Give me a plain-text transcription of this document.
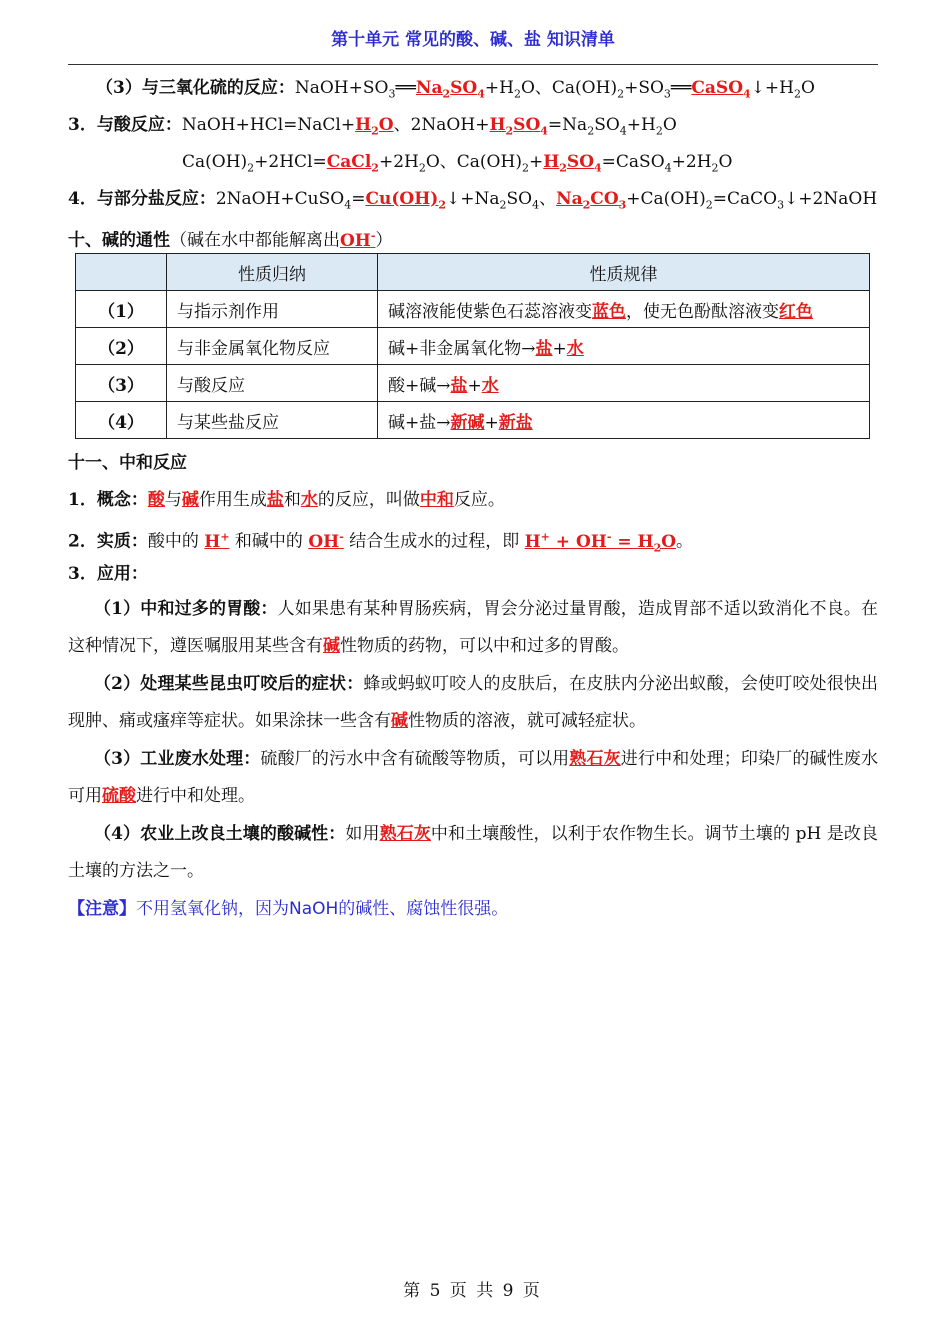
第十单元 常见的酸、碱、盐 知识清单
（3）与三氧化硫的反应：$NaOH+SO_3══Na_2SO_4+H_2O$、$Ca(OH)_2+SO_3══CaSO_4↓+H_2O$
3．与酸反应：$NaOH+HCl=NaCl+H_2O$、$2NaOH+H_2SO_4=Na_2SO_4+H_2O$
$Ca(OH)_2+2HCl=CaCl_2+2H_2O$、$Ca(OH)_2+H_2SO_4=CaSO_4+2H_2O$
4．与部分盐反应：$2NaOH+CuSO_4=Cu(OH)_2↓+Na_2SO_4$、$Na_2CO_3+Ca(OH)_2=CaCO_3↓+2NaOH$
十、碱的通性（碱在水中都能解离出OH-）
	性质归纳	性质规律
（1）	与指示剂作用	碱溶液能使紫色石蕊溶液变蓝色，使无色酚酞溶液变红色
（2）	与非金属氧化物反应	碱+非金属氧化物→盐+水
（3）	与酸反应	酸+碱→盐+水
（4）	与某些盐反应	碱+盐→新碱+新盐
十一、中和反应
1．概念：酸与碱作用生成盐和水的反应，叫做中和反应。
2．实质：酸中的 H+ 和碱中的 OH- 结合生成水的过程，即 $H^+ + OH^- = H_2O$。
3．应用：
（1）中和过多的胃酸：人如果患有某种胃肠疾病，胃会分泌过量胃酸，造成胃部不适以致消化不良。在这种情况下，遵医嘱服用某些含有碱性物质的药物，可以中和过多的胃酸。
（2）处理某些昆虫叮咬后的症状：蜂或蚂蚁叮咬人的皮肤后，在皮肤内分泌出蚁酸，会使叮咬处很快出现肿、痛或瘙痒等症状。如果涂抹一些含有碱性物质的溶液，就可减轻症状。
（3）工业废水处理：硫酸厂的污水中含有硫酸等物质，可以用熟石灰进行中和处理；印染厂的碱性废水可用硫酸进行中和处理。
（4）农业上改良土壤的酸碱性：如用熟石灰中和土壤酸性，以利于农作物生长。调节土壤的 pH 是改良土壤的方法之一。
【注意】不用氢氧化钠，因为NaOH的碱性、腐蚀性很强。
第 5 页 共 9 页
